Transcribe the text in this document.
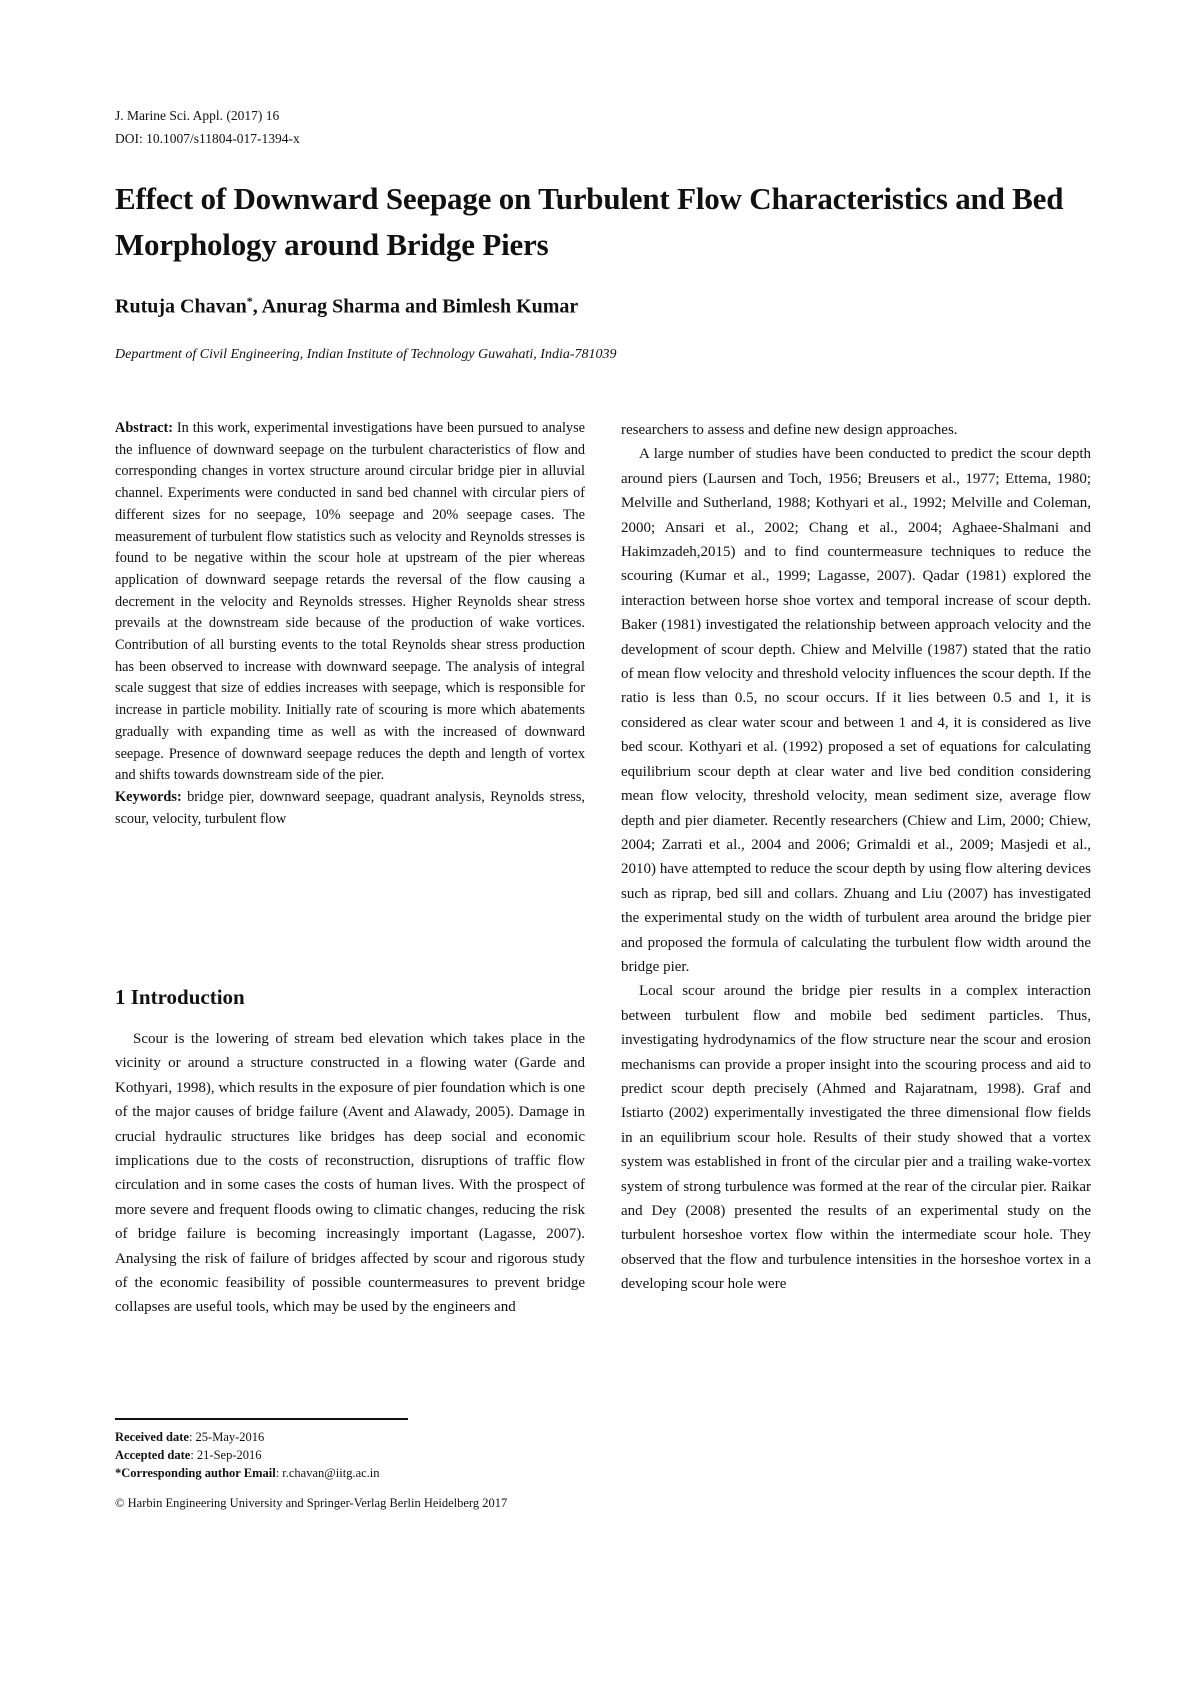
J. Marine Sci. Appl. (2017) 16
DOI: 10.1007/s11804-017-1394-x
Effect of Downward Seepage on Turbulent Flow Characteristics and Bed Morphology around Bridge Piers
Rutuja Chavan*, Anurag Sharma and Bimlesh Kumar
Department of Civil Engineering, Indian Institute of Technology Guwahati, India-781039
Abstract: In this work, experimental investigations have been pursued to analyse the influence of downward seepage on the turbulent characteristics of flow and corresponding changes in vortex structure around circular bridge pier in alluvial channel. Experiments were conducted in sand bed channel with circular piers of different sizes for no seepage, 10% seepage and 20% seepage cases. The measurement of turbulent flow statistics such as velocity and Reynolds stresses is found to be negative within the scour hole at upstream of the pier whereas application of downward seepage retards the reversal of the flow causing a decrement in the velocity and Reynolds stresses. Higher Reynolds shear stress prevails at the downstream side because of the production of wake vortices. Contribution of all bursting events to the total Reynolds shear stress production has been observed to increase with downward seepage. The analysis of integral scale suggest that size of eddies increases with seepage, which is responsible for increase in particle mobility. Initially rate of scouring is more which abatements gradually with expanding time as well as with the increased of downward seepage. Presence of downward seepage reduces the depth and length of vortex and shifts towards downstream side of the pier.
Keywords: bridge pier, downward seepage, quadrant analysis, Reynolds stress, scour, velocity, turbulent flow
1 Introduction

Scour is the lowering of stream bed elevation which takes place in the vicinity or around a structure constructed in a flowing water (Garde and Kothyari, 1998), which results in the exposure of pier foundation which is one of the major causes of bridge failure (Avent and Alawady, 2005). Damage in crucial hydraulic structures like bridges has deep social and economic implications due to the costs of reconstruction, disruptions of traffic flow circulation and in some cases the costs of human lives. With the prospect of more severe and frequent floods owing to climatic changes, reducing the risk of bridge failure is becoming increasingly important (Lagasse, 2007). Analysing the risk of failure of bridges affected by scour and rigorous study of the economic feasibility of possible countermeasures to prevent bridge collapses are useful tools, which may be used by the engineers and

Received date: 25-May-2016
Accepted date: 21-Sep-2016
*Corresponding author Email: r.chavan@iitg.ac.in
© Harbin Engineering University and Springer-Verlag Berlin Heidelberg 2017

researchers to assess and define new design approaches.

A large number of studies have been conducted to predict the scour depth around piers (Laursen and Toch, 1956; Breusers et al., 1977; Ettema, 1980; Melville and Sutherland, 1988; Kothyari et al., 1992; Melville and Coleman, 2000; Ansari et al., 2002; Chang et al., 2004; Aghaee-Shalmani and Hakimzadeh,2015) and to find countermeasure techniques to reduce the scouring (Kumar et al., 1999; Lagasse, 2007). Qadar (1981) explored the interaction between horse shoe vortex and temporal increase of scour depth. Baker (1981) investigated the relationship between approach velocity and the development of scour depth. Chiew and Melville (1987) stated that the ratio of mean flow velocity and threshold velocity influences the scour depth. If the ratio is less than 0.5, no scour occurs. If it lies between 0.5 and 1, it is considered as clear water scour and between 1 and 4, it is considered as live bed scour. Kothyari et al. (1992) proposed a set of equations for calculating equilibrium scour depth at clear water and live bed condition considering mean flow velocity, threshold velocity, mean sediment size, average flow depth and pier diameter. Recently researchers (Chiew and Lim, 2000; Chiew, 2004; Zarrati et al., 2004 and 2006; Grimaldi et al., 2009; Masjedi et al., 2010) have attempted to reduce the scour depth by using flow altering devices such as riprap, bed sill and collars. Zhuang and Liu (2007) has investigated the experimental study on the width of turbulent area around the bridge pier and proposed the formula of calculating the turbulent flow width around the bridge pier.

Local scour around the bridge pier results in a complex interaction between turbulent flow and mobile bed sediment particles. Thus, investigating hydrodynamics of the flow structure near the scour and erosion mechanisms can provide a proper insight into the scouring process and aid to predict scour depth precisely (Ahmed and Rajaratnam, 1998). Graf and Istiarto (2002) experimentally investigated the three dimensional flow fields in an equilibrium scour hole. Results of their study showed that a vortex system was established in front of the circular pier and a trailing wake-vortex system of strong turbulence was formed at the rear of the circular pier. Raikar and Dey (2008) presented the results of an experimental study on the turbulent horseshoe vortex flow within the intermediate scour hole. They observed that the flow and turbulence intensities in the horseshoe vortex in a developing scour hole were
